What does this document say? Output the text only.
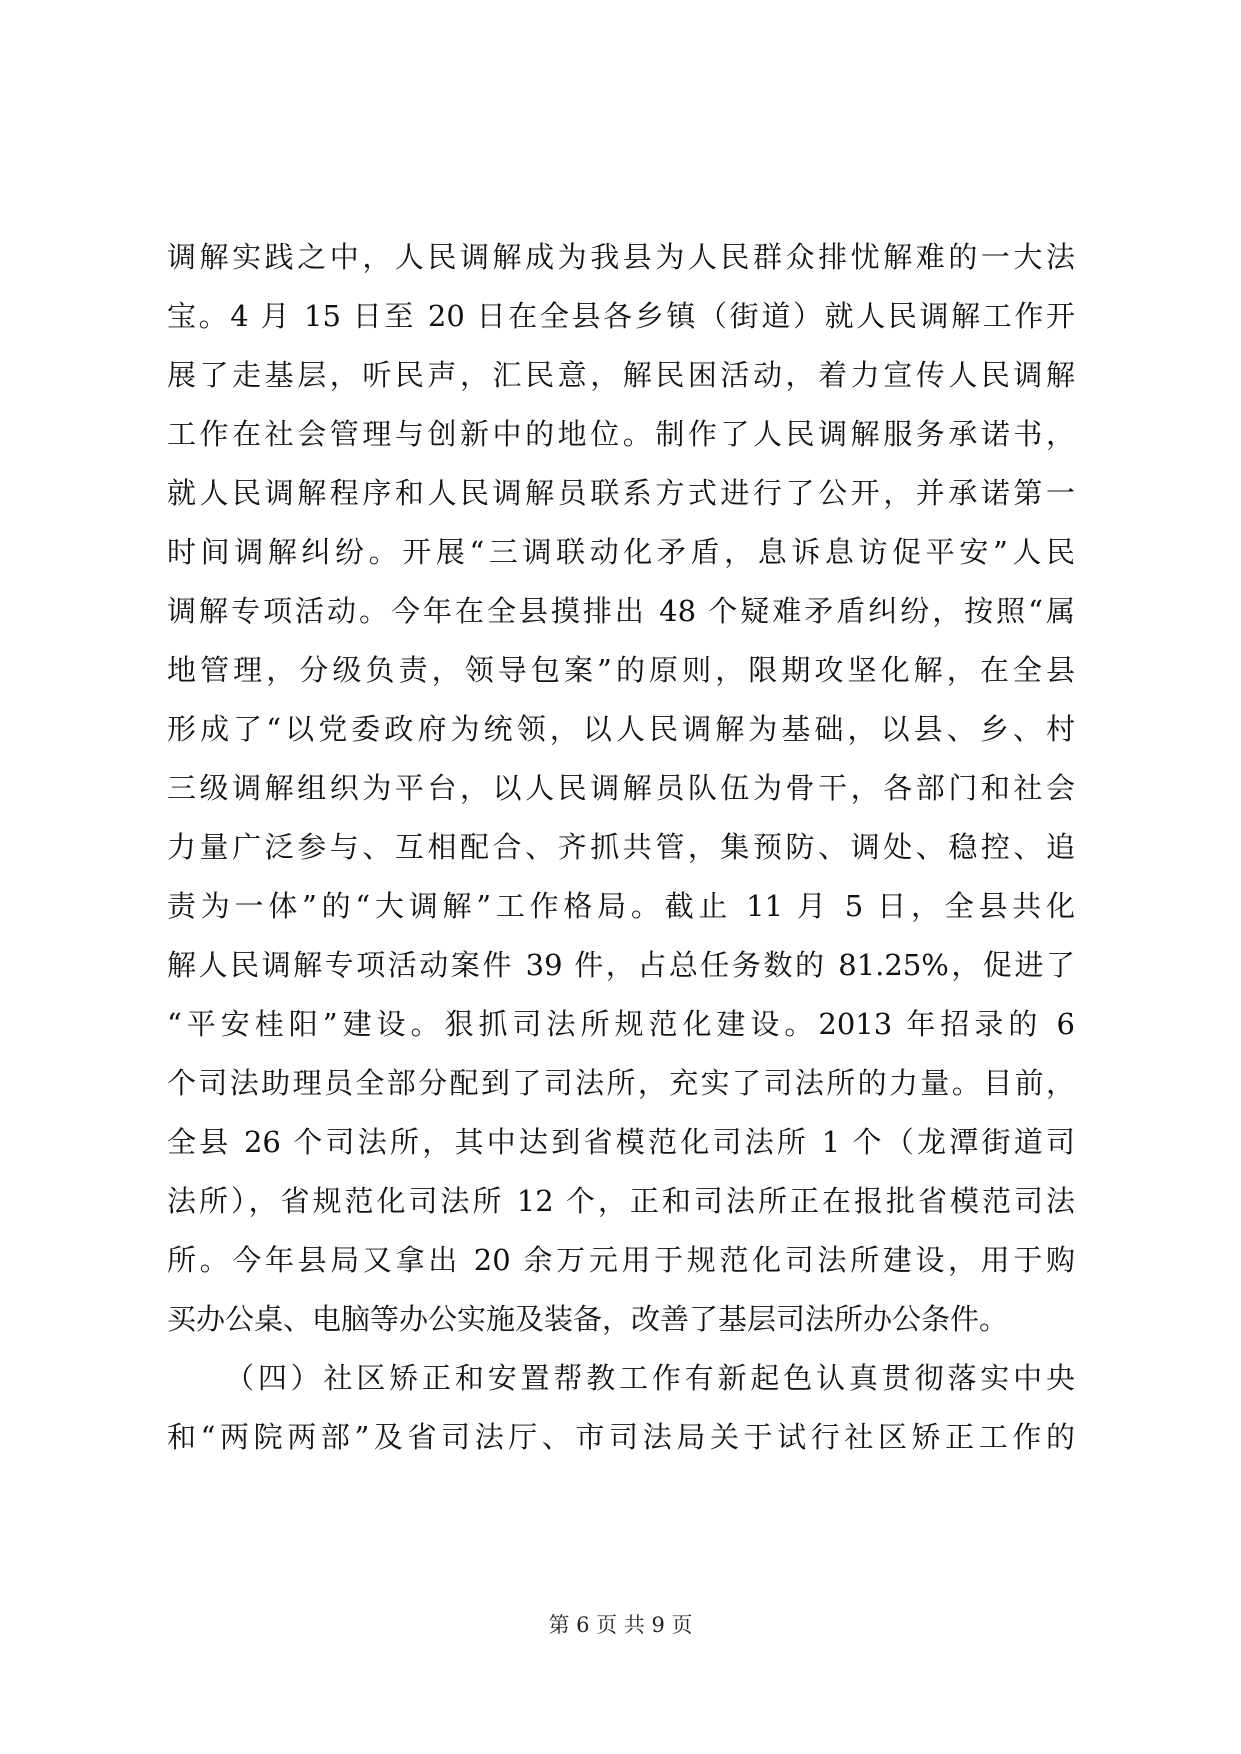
调解实践之中，人民调解成为我县为人民群众排忧解难的一大法
宝。4 月 15 日至 20 日在全县各乡镇（街道）就人民调解工作开
展了走基层，听民声，汇民意，解民困活动，着力宣传人民调解
工作在社会管理与创新中的地位。制作了人民调解服务承诺书，
就人民调解程序和人民调解员联系方式进行了公开，并承诺第一
时间调解纠纷。开展“三调联动化矛盾，息诉息访促平安”人民
调解专项活动。今年在全县摸排出 48 个疑难矛盾纠纷，按照“属
地管理，分级负责，领导包案”的原则，限期攻坚化解，在全县
形成了“以党委政府为统领，以人民调解为基础，以县、乡、村
三级调解组织为平台，以人民调解员队伍为骨干，各部门和社会
力量广泛参与、互相配合、齐抓共管，集预防、调处、稳控、追
责为一体”的“大调解”工作格局。截止 11 月 5 日，全县共化
解人民调解专项活动案件 39 件，占总任务数的 81.25%，促进了
“平安桂阳”建设。狠抓司法所规范化建设。2013 年招录的 6
个司法助理员全部分配到了司法所，充实了司法所的力量。目前，
全县 26 个司法所，其中达到省模范化司法所 1 个（龙潭街道司
法所），省规范化司法所 12 个，正和司法所正在报批省模范司法
所。今年县局又拿出 20 余万元用于规范化司法所建设，用于购
买办公桌、电脑等办公实施及装备，改善了基层司法所办公条件。
（四）社区矫正和安置帮教工作有新起色认真贯彻落实中央
和“两院两部”及省司法厅、市司法局关于试行社区矫正工作的
第 6 页 共 9 页
